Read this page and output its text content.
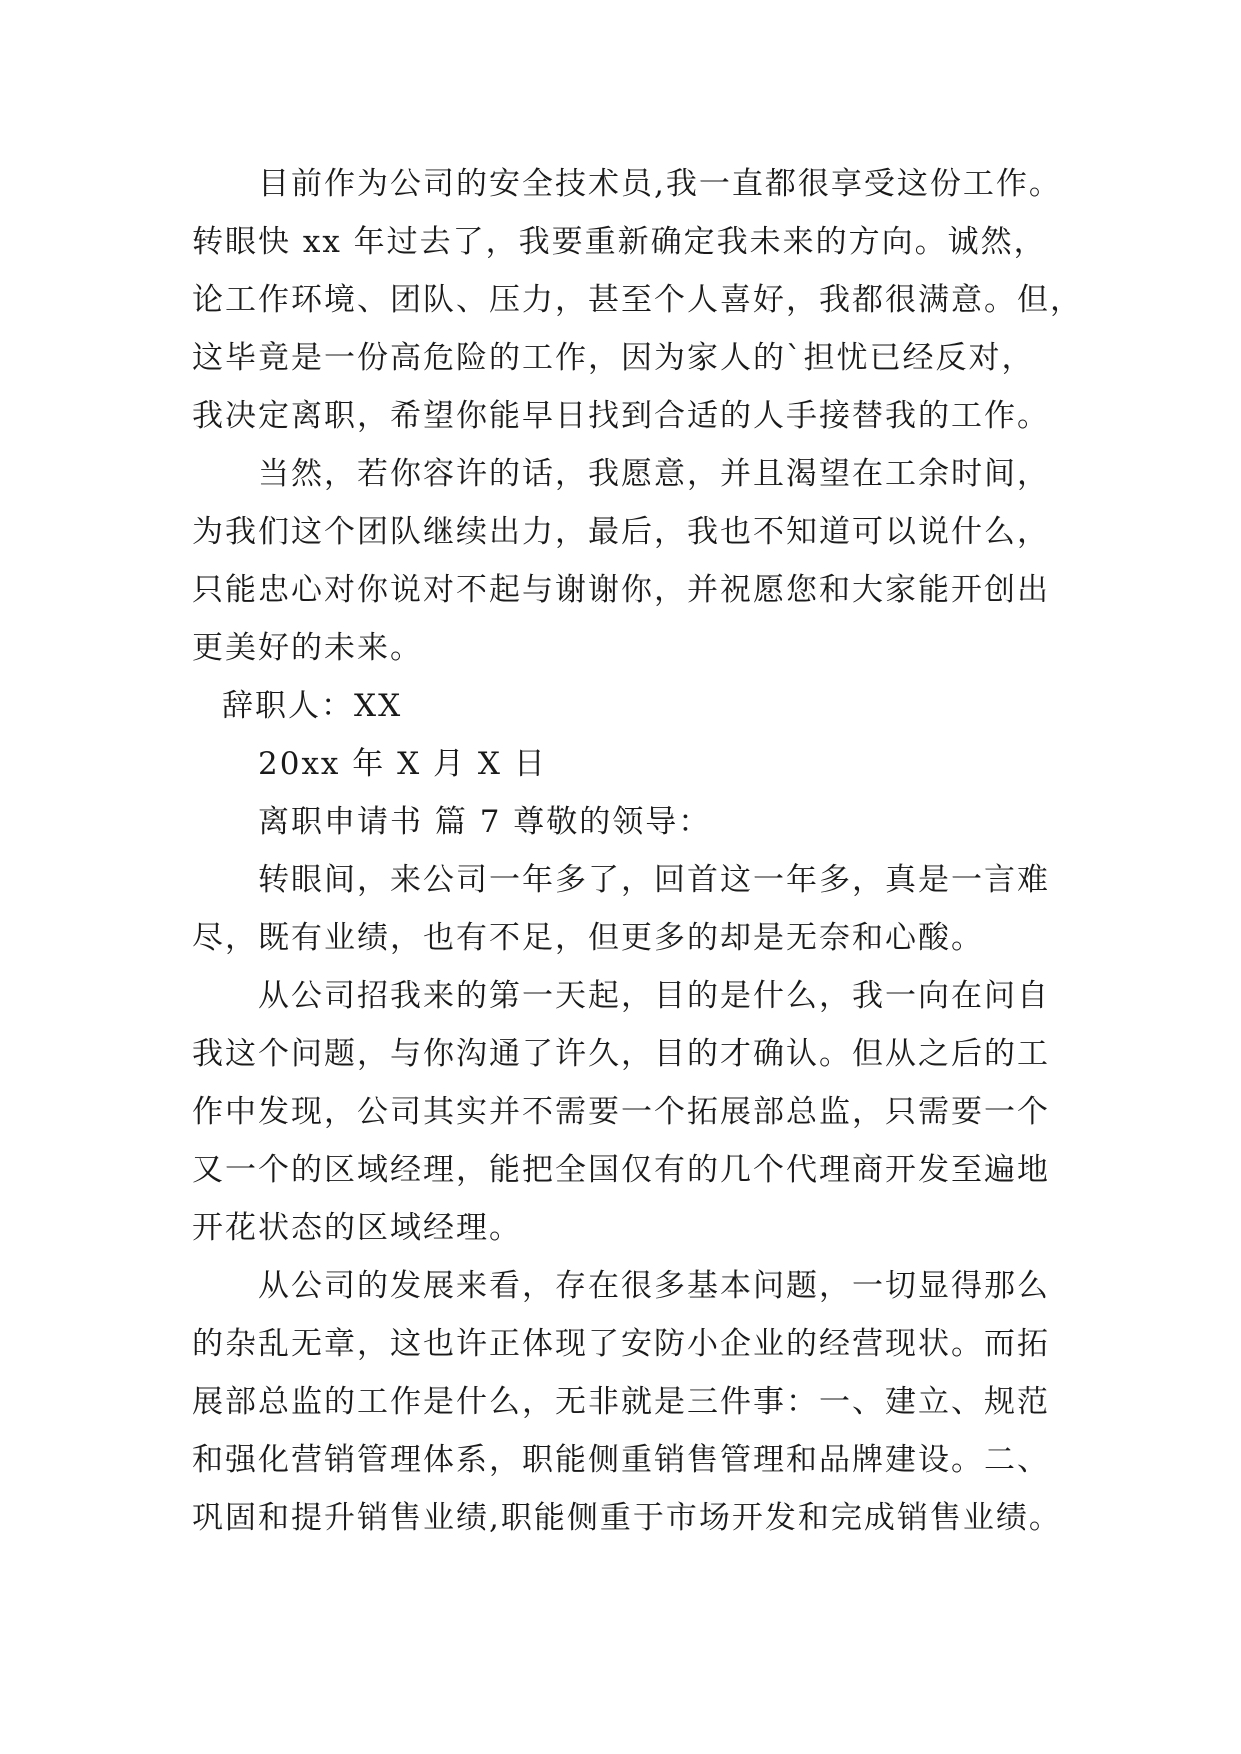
目前作为公司的安全技术员,我一直都很享受这份工作。
转眼快 xx 年过去了，我要重新确定我未来的方向。诚然，
论工作环境、团队、压力，甚至个人喜好，我都很满意。但，
这毕竟是一份高危险的工作，因为家人的`担忧已经反对，
我决定离职，希望你能早日找到合适的人手接替我的工作。
当然，若你容许的话，我愿意，并且渴望在工余时间，
为我们这个团队继续出力，最后，我也不知道可以说什么，
只能忠心对你说对不起与谢谢你，并祝愿您和大家能开创出
更美好的未来。
辞职人：XX
20xx 年 X 月 X 日
离职申请书 篇 7 尊敬的领导：
转眼间，来公司一年多了，回首这一年多，真是一言难
尽，既有业绩，也有不足，但更多的却是无奈和心酸。
从公司招我来的第一天起，目的是什么，我一向在问自
我这个问题，与你沟通了许久，目的才确认。但从之后的工
作中发现，公司其实并不需要一个拓展部总监，只需要一个
又一个的区域经理，能把全国仅有的几个代理商开发至遍地
开花状态的区域经理。
从公司的发展来看，存在很多基本问题，一切显得那么
的杂乱无章，这也许正体现了安防小企业的经营现状。而拓
展部总监的工作是什么，无非就是三件事：一、建立、规范
和强化营销管理体系，职能侧重销售管理和品牌建设。二、
巩固和提升销售业绩,职能侧重于市场开发和完成销售业绩。
